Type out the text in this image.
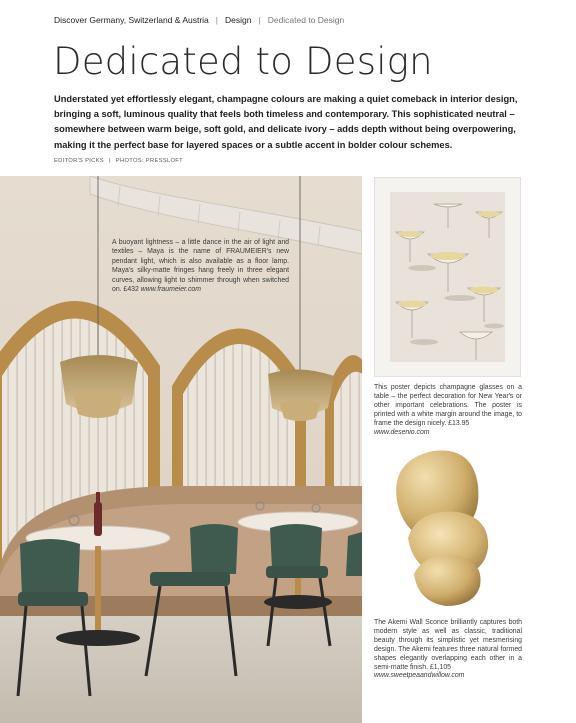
Discover Germany, Switzerland & Austria | Design | Dedicated to Design
Dedicated to Design

Understated yet effortlessly elegant, champagne colours are making a quiet comeback in interior design, bringing a soft, luminous quality that feels both timeless and contemporary. This sophisticated neutral – somewhere between warm beige, soft gold, and delicate ivory – adds depth without being overpowering, making it the perfect base for layered spaces or a subtle accent in bolder colour schemes.

EDITOR'S PICKS | PHOTOS: PRESSLOFT
A buoyant lightness – a little dance in the air of light and textiles – Maya is the name of FRAUMEIER's new pendant light, which is also available as a floor lamp. Maya's silky-matte fringes hang freely in three elegant curves, allowing light to shimmer through when switched on. £432 www.fraumeier.com
This poster depicts champagne glasses on a table – the perfect decoration for New Year's or other important celebrations. The poster is printed with a white margin around the image, to frame the design nicely. £13.95
www.desenio.com
The Akemi Wall Sconce brilliantly captures both modern style as well as classic, traditional beauty through its simplistic yet mesmerising design. The Akemi features three natural formed shapes elegantly overlapping each other in a semi-matte finish. £1,105
www.sweetpeaandwillow.com
